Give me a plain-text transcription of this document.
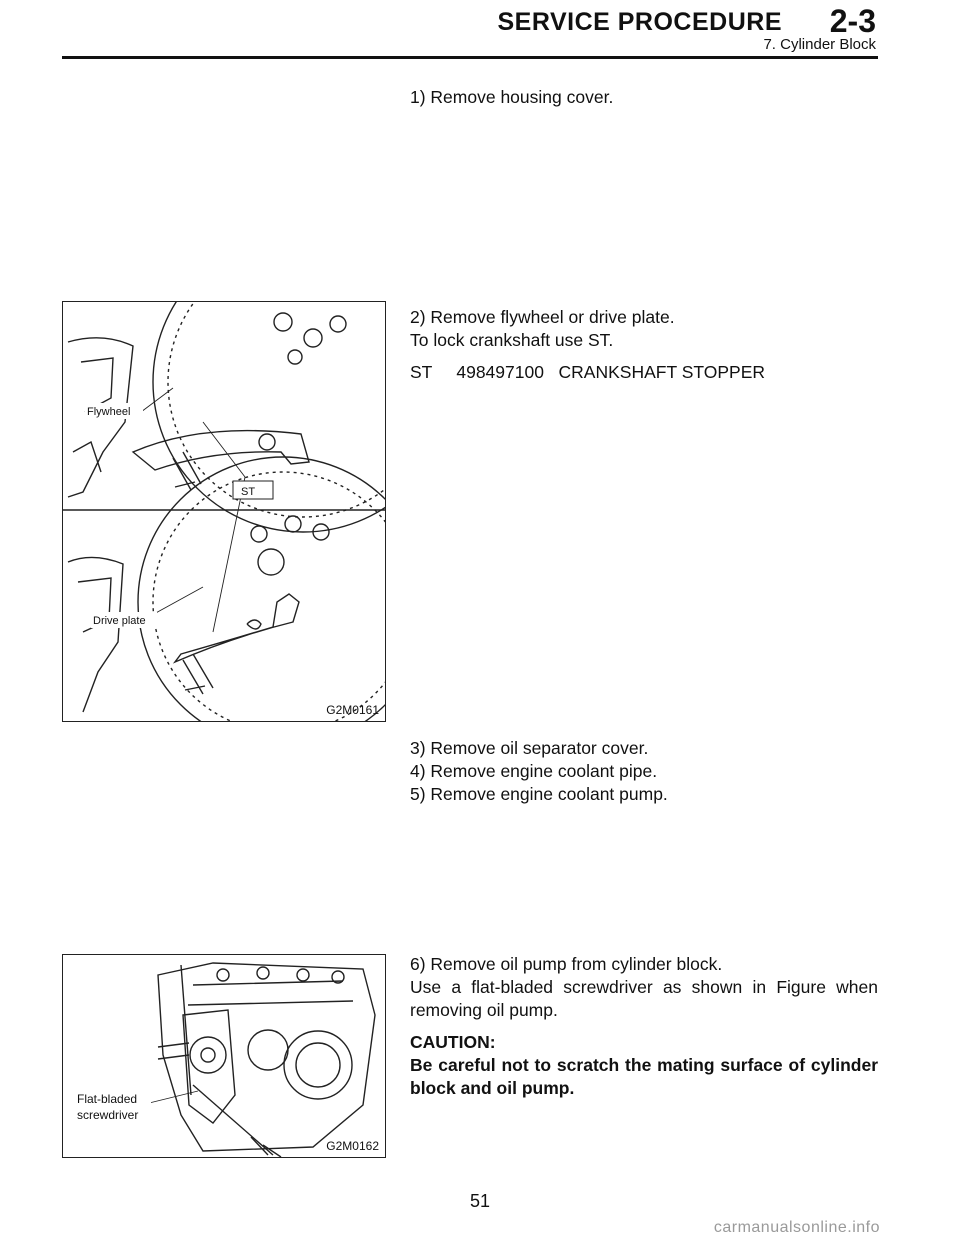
SERVICE PROCEDURE 2-3
7. Cylinder Block

1) Remove housing cover.

2) Remove flywheel or drive plate.

To lock crankshaft use ST.

ST     498497100   CRANKSHAFT STOPPER

ST
Flywheel
Drive plate
G2M0161

3) Remove oil separator cover.

4) Remove engine coolant pipe.

5) Remove engine coolant pump.

6) Remove oil pump from cylinder block.

Use a flat-bladed screwdriver as shown in Figure when removing oil pump.

CAUTION:

Be careful not to scratch the mating surface of cylinder block and oil pump.

Flat-bladed
screwdriver
G2M0162
51
carmanualsonline.info
